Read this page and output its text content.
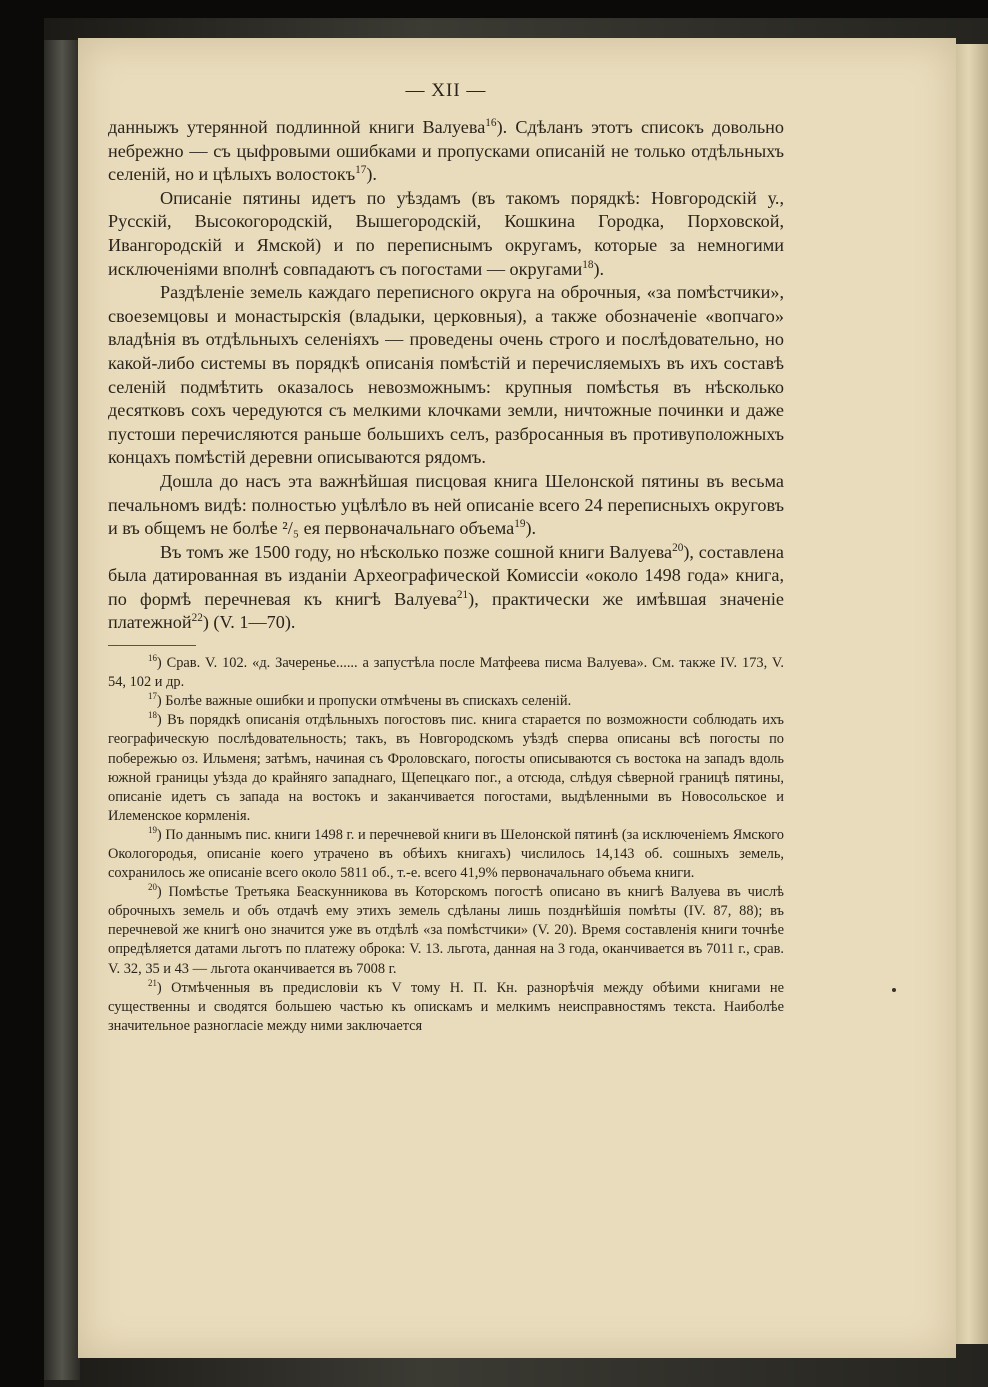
— XII —

данныжъ утерянной подлинной книги Валуева$^{16}$). Сдѣланъ этотъ списокъ довольно небрежно — съ цыфровыми ошибками и пропусками описаній не только отдѣльныхъ селеній, но и цѣлыхъ волостокъ$^{17}$).

Описаніе пятины идетъ по уѣздамъ (въ такомъ порядкѣ: Новгородскій у., Русскій, Высокогородскій, Вышегородскій, Кошкина Городка, Порховской, Ивангородскій и Ямской) и по переписнымъ округамъ, которые за немногими исключеніями вполнѣ совпадаютъ съ погостами — округами$^{18}$).

Раздѣленіе земель каждаго переписного округа на оброчныя, «за помѣстчики», своеземцовы и монастырскія (владыки, церковныя), а также обозначеніе «вопчаго» владѣнія въ отдѣльныхъ селеніяхъ — проведены очень строго и послѣдовательно, но какой-либо системы въ порядкѣ описанія помѣстій и перечисляемыхъ въ ихъ составѣ селеній подмѣтить оказалось невозможнымъ: крупныя помѣстья въ нѣсколько десятковъ сохъ чередуются съ мелкими клочками земли, ничтожные починки и даже пустоши перечисляются раньше большихъ селъ, разбросанныя въ противуположныхъ концахъ помѣстій деревни описываются рядомъ.

Дошла до насъ эта важнѣйшая писцовая книга Шелонской пятины въ весьма печальномъ видѣ: полностью уцѣлѣло въ ней описаніе всего 24 переписныхъ округовъ и въ общемъ не болѣе ²/₅ ея первоначальнаго объема$^{19}$).

Въ томъ же 1500 году, но нѣсколько позже сошной книги Валуева$^{20}$), составлена была датированная въ изданіи Археографической Комиссіи «около 1498 года» книга, по формѣ перечневая къ книгѣ Валуева$^{21}$), практически же имѣвшая значеніе платежной$^{22}$) (V. 1—70).

$^{16}$) Срав. V. 102. «д. Зачеренье...... а запустѣла после Матфеева писма Валуева». См. также IV. 173, V. 54, 102 и др.

$^{17}$) Болѣе важные ошибки и пропуски отмѣчены въ спискахъ селеній.

$^{18}$) Въ порядкѣ описанія отдѣльныхъ погостовъ пис. книга старается по возможности соблюдать ихъ географическую послѣдовательность; такъ, въ Новгородскомъ уѣздѣ сперва описаны всѣ погосты по побережью оз. Ильменя; затѣмъ, начиная съ Фроловскаго, погосты описываются съ востока на западъ вдоль южной границы уѣзда до крайняго западнаго, Щепецкаго пог., а отсюда, слѣдуя сѣверной границѣ пятины, описаніе идетъ съ запада на востокъ и заканчивается погостами, выдѣленными въ Новосольское и Илеменское кормленія.

$^{19}$) По даннымъ пис. книги 1498 г. и перечневой книги въ Шелонской пятинѣ (за исключеніемъ Ямского Окологородья, описаніе коего утрачено въ обѣихъ книгахъ) числилось 14,143 об. сошныхъ земель, сохранилось же описаніе всего около 5811 об., т.-е. всего 41,9% первоначальнаго объема книги.

$^{20}$) Помѣстье Третьяка Беаскунникова въ Которскомъ погостѣ описано въ книгѣ Валуева въ числѣ оброчныхъ земель и объ отдачѣ ему этихъ земель сдѣланы лишь позднѣйшія помѣты (IV. 87, 88); въ перечневой же книгѣ оно значится уже въ отдѣлѣ «за помѣстчики» (V. 20). Время составленія книги точнѣе опредѣляется датами льготъ по платежу оброка: V. 13. льгота, данная на 3 года, оканчивается въ 7011 г., срав. V. 32, 35 и 43 — льгота оканчивается въ 7008 г.

$^{21}$) Отмѣченныя въ предисловіи къ V тому Н. П. Кн. разнорѣчія между обѣими книгами не существенны и сводятся большею частью къ опискамъ и мелкимъ неисправностямъ текста. Наиболѣе значительное разногласіе между ними заключается
